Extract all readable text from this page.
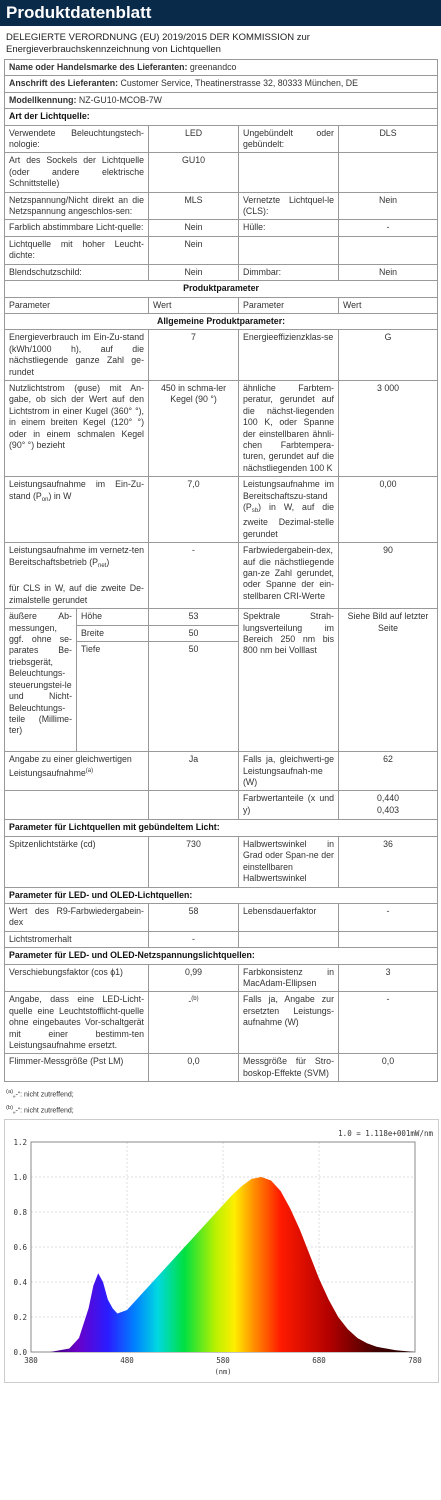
Produktdatenblatt
DELEGIERTE VERORDNUNG (EU) 2019/2015 DER KOMMISSION zur Energieverbrauchskennzeichnung von Lichtquellen
Name oder Handelsmarke des Lieferanten: greenandco				
Anschrift des Lieferanten: Customer Service, Theatinerstrasse 32, 80333 München, DE				
Modellkennung: NZ-GU10-MCOB-7W				
Art der Lichtquelle:				
Verwendete Beleuchtungstech-nologie:		LED	Ungebündelt oder gebündelt:	DLS
Art des Sockels der Lichtquelle (oder andere elektrische Schnittstelle)		GU10		
Netzspannung/Nicht direkt an die Netzspannung angeschlos-sen:		MLS	Vernetzte Lichtquel-le (CLS):	Nein
Farblich abstimmbare Licht-quelle:		Nein	Hülle:	-
Lichtquelle mit hoher Leucht-dichte:		Nein		
Blendschutzschild:		Nein	Dimmbar:	Nein
Produktparameter				
Parameter		Wert	Parameter	Wert
Allgemeine Produktparameter:				
Energieverbrauch im Ein-Zu-stand (kWh/1000 h), auf die nächstliegende ganze Zahl ge-rundet		7	Energieeffizienzklas-se	G
Nutzlichtstrom (φuse) mit An-gabe, ob sich der Wert auf den Lichtstrom in einer Kugel (360° °), in einem breiten Kegel (120° °) oder in einem schmalen Kegel (90° °) bezieht		450 in schma-ler Kegel (90 °)	ähnliche Farbtem-peratur, gerundet auf die nächst-liegenden 100 K, oder Spanne der einstellbaren ähnli-chen Farbtempera-turen, gerundet auf die nächstliegenden 100 K	3 000
Leistungsaufnahme im Ein-Zu-stand $(P_{on})$ in W		7,0	Leistungsaufnahme im Bereitschaftszu-stand $(P_{sb})$ in W, auf die zweite Dezimal-stelle gerundet	0,00
Leistungsaufnahme im vernetz-ten Bereitschaftsbetrieb $(P_{net})$

für CLS in W, auf die zweite De-zimalstelle gerundet		-	Farbwiedergabein-dex, auf die nächstliegende gan-ze Zahl gerundet, oder Spanne der ein-stellbaren CRI-Werte	90
äußere Ab-messungen, ggf. ohne se-parates Be-triebsgerät, Beleuchtungs-steuerungstei-le und Nicht-Beleuchtungs-teile (Millime-ter)	Höhe	53	Spektrale Strah-lungsverteilung im Bereich 250 nm bis 800 nm bei Volllast	Siehe Bild auf letzter Seite
	Breite	50		
	Tiefe	50		
Angabe zu einer gleichwertigen Leistungsaufnahme$^{(a)}$		Ja	Falls ja, gleichwerti-ge Leistungsaufnah-me (W)	62
			Farbwertanteile (x und y)	0,440
0,403
Parameter für Lichtquellen mit gebündeltem Licht:				
Spitzenlichtstärke (cd)		730	Halbwertswinkel in Grad oder Span-ne der einstellbaren Halbwertswinkel	36
Parameter für LED- und OLED-Lichtquellen:				
Wert des R9-Farbwiedergabein-dex		58	Lebensdauerfaktor	-
Lichtstromerhalt		-		
Parameter für LED- und OLED-Netzspannungslichtquellen:				
Verschiebungsfaktor (cos ϕ1)		0,99	Farbkonsistenz in MacAdam-Ellipsen	3
Angabe, dass eine LED-Licht-quelle eine Leuchtstofflicht-quelle ohne eingebautes Vor-schaltgerät mit einer bestimm-ten Leistungsaufnahme ersetzt.		-$^{(b)}$	Falls ja, Angabe zur ersetzten Leistungs-aufnahme (W)	-
Flimmer-Messgröße (Pst LM)		0,0	Messgröße für Stro-boskop-Effekte (SVM)	0,0
$^{(a)}$„-“: nicht zutreffend;
$^{(b)}$„-“: nicht zutreffend;
0.0
0.2
0.4
0.6
0.8
1.0
1.2
380	480	580	680	780
(nm)
1.0 = 1.118e+001mW/nm
